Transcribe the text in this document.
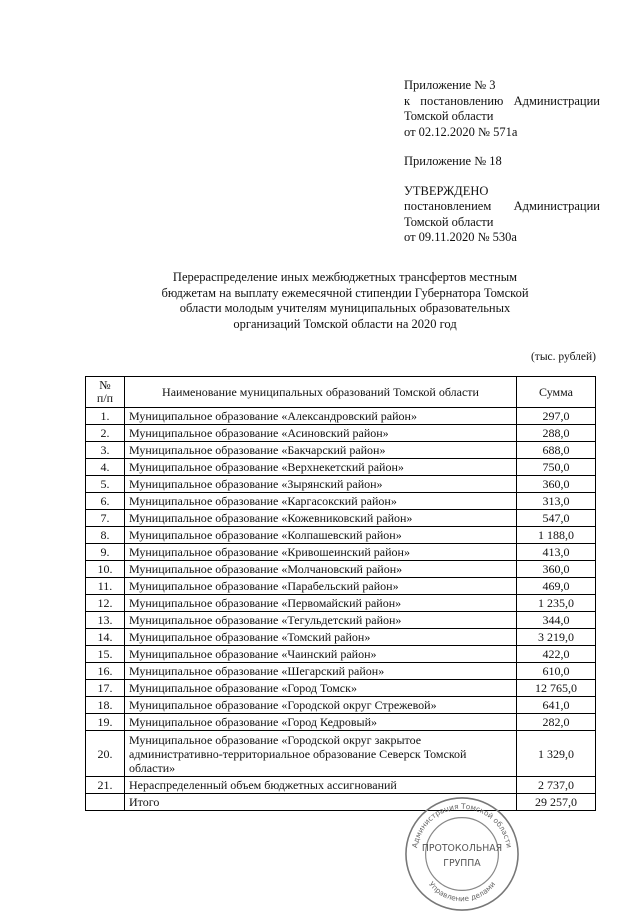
Приложение № 3
к постановлению Администрации
Томской области
от 02.12.2020 № 571а
Приложение № 18
УТВЕРЖДЕНО
постановлением Администрации
Томской области
от 09.11.2020 № 530а
Перераспределение иных межбюджетных трансфертов местным
бюджетам на выплату ежемесячной стипендии Губернатора Томской
области молодым учителям муниципальных образовательных
организаций Томской области на 2020 год
(тыс. рублей)
№
п/п	Наименование муниципальных образований Томской области	Сумма
1.	Муниципальное образование «Александровский район»	297,0
2.	Муниципальное образование «Асиновский район»	288,0
3.	Муниципальное образование «Бакчарский район»	688,0
4.	Муниципальное образование «Верхнекетский район»	750,0
5.	Муниципальное образование «Зырянский район»	360,0
6.	Муниципальное образование «Каргасокский район»	313,0
7.	Муниципальное образование «Кожевниковский район»	547,0
8.	Муниципальное образование «Колпашевский район»	1 188,0
9.	Муниципальное образование «Кривошеинский район»	413,0
10.	Муниципальное образование «Молчановский район»	360,0
11.	Муниципальное образование «Парабельский район»	469,0
12.	Муниципальное образование «Первомайский район»	1 235,0
13.	Муниципальное образование «Тегульдетский район»	344,0
14.	Муниципальное образование «Томский район»	3 219,0
15.	Муниципальное образование «Чаинский район»	422,0
16.	Муниципальное образование «Шегарский район»	610,0
17.	Муниципальное образование «Город Томск»	12 765,0
18.	Муниципальное образование «Городской округ Стрежевой»	641,0
19.	Муниципальное образование «Город Кедровый»	282,0
20.	Муниципальное образование «Городской округ закрытое
административно-территориальное образование Северск Томской
области»	1 329,0
21.	Нераспределенный объем бюджетных ассигнований	2 737,0
	Итого	29 257,0
Администрация Томской области
Управление делами
ПРОТОКОЛЬНАЯ
ГРУППА
